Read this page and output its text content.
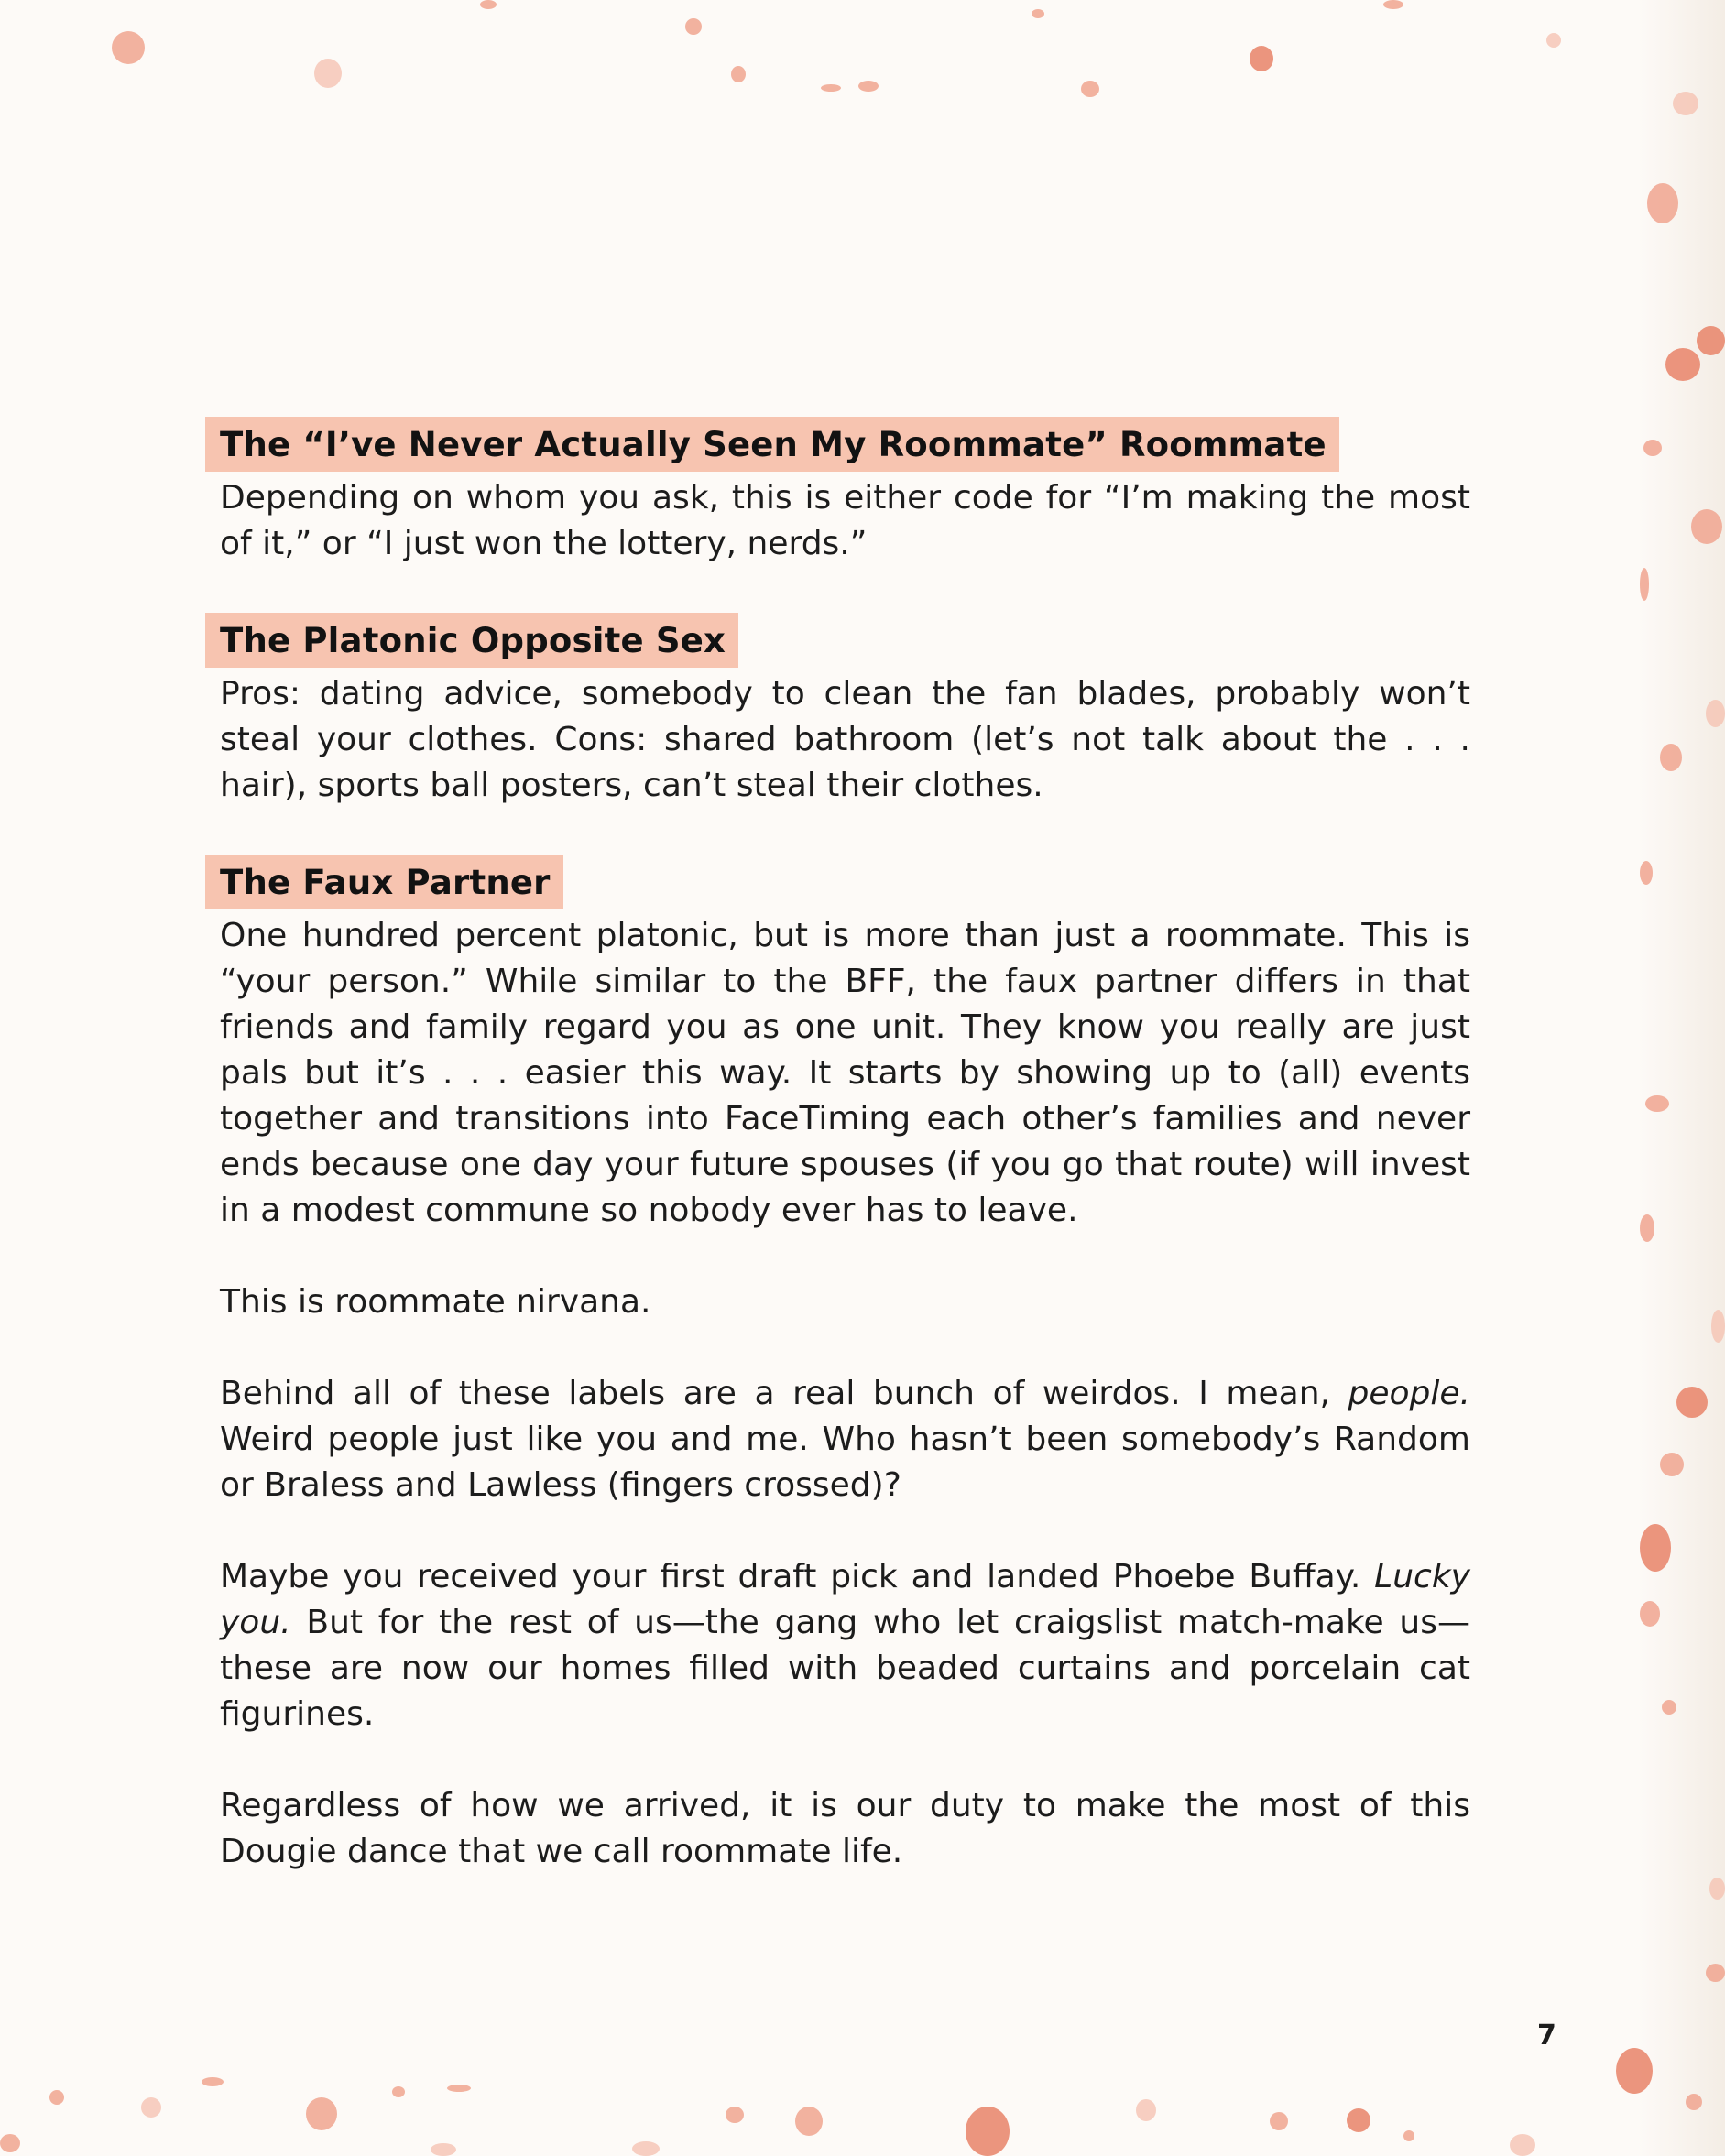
The “I’ve Never Actually Seen My Roommate” Roommate

Depending on whom you ask, this is either code for “I’m making the most of it,” or “I just won the lottery, nerds.”

The Platonic Opposite Sex

Pros: dating advice, somebody to clean the fan blades, probably won’t steal your clothes. Cons: shared bathroom (let’s not talk about the . . . hair), sports ball posters, can’t steal their clothes.

The Faux Partner

One hundred percent platonic, but is more than just a roommate. This is “your person.” While similar to the BFF, the faux partner differs in that friends and family regard you as one unit. They know you really are just pals but it’s . . . easier this way. It starts by showing up to (all) events together and transitions into FaceTiming each other’s families and never ends because one day your future spouses (if you go that route) will invest in a modest commune so nobody ever has to leave.

This is roommate nirvana.

Behind all of these labels are a real bunch of weirdos. I mean, people. Weird people just like you and me. Who hasn’t been somebody’s Random or Braless and Lawless (fingers crossed)?

Maybe you received your first draft pick and landed Phoebe Buffay. Lucky you. But for the rest of us—the gang who let craigslist match-make us—these are now our homes filled with beaded curtains and porcelain cat figurines.

Regardless of how we arrived, it is our duty to make the most of this Dougie dance that we call roommate life.

7
